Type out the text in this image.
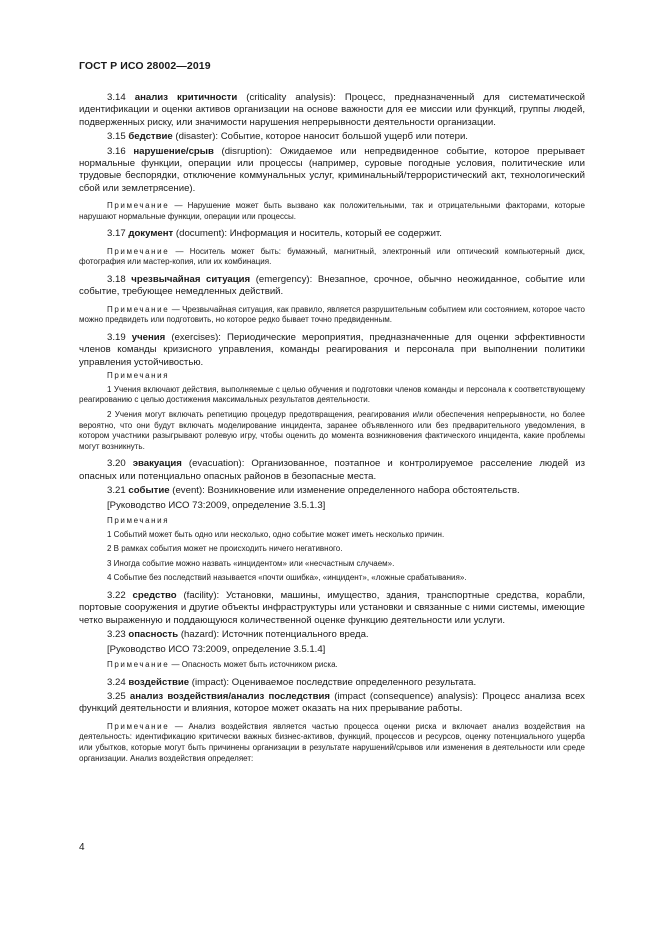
ГОСТ Р ИСО 28002—2019

3.14 анализ критичности (criticality analysis): Процесс, предназначенный для систематической идентификации и оценки активов организации на основе важности для ее миссии или функций, группы людей, подверженных риску, или значимости нарушения непрерывности деятельности организации.

3.15 бедствие (disaster): Событие, которое наносит большой ущерб или потери.

3.16 нарушение/срыв (disruption): Ожидаемое или непредвиденное событие, которое прерывает нормальные функции, операции или процессы (например, суровые погодные условия, политические или трудовые беспорядки, отключение коммунальных услуг, криминальный/террористический акт, технологический сбой или землетрясение).

Примечание — Нарушение может быть вызвано как положительными, так и отрицательными факторами, которые нарушают нормальные функции, операции или процессы.

3.17 документ (document): Информация и носитель, который ее содержит.

Примечание — Носитель может быть: бумажный, магнитный, электронный или оптический компьютерный диск, фотография или мастер-копия, или их комбинация.

3.18 чрезвычайная ситуация (emergency): Внезапное, срочное, обычно неожиданное, событие или событие, требующее немедленных действий.

Примечание — Чрезвычайная ситуация, как правило, является разрушительным событием или состоянием, которое часто можно предвидеть или подготовить, но которое редко бывает точно предвиденным.

3.19 учения (exercises): Периодические мероприятия, предназначенные для оценки эффективности членов команды кризисного управления, команды реагирования и персонала при выполнении политики управления устойчивостью.

Примечания

1 Учения включают действия, выполняемые с целью обучения и подготовки членов команды и персонала к соответствующему реагированию с целью достижения максимальных результатов деятельности.

2 Учения могут включать репетицию процедур предотвращения, реагирования и/или обеспечения непрерывности, но более вероятно, что они будут включать моделирование инцидента, заранее объявленного или без предварительного уведомления, в котором участники разыгрывают ролевую игру, чтобы оценить до момента возникновения фактического инцидента, какие проблемы могут возникнуть.

3.20 эвакуация (evacuation): Организованное, поэтапное и контролируемое расселение людей из опасных или потенциально опасных районов в безопасные места.

3.21 событие (event): Возникновение или изменение определенного набора обстоятельств.

[Руководство ИСО 73:2009, определение 3.5.1.3]

Примечания

1 Событий может быть одно или несколько, одно событие может иметь несколько причин.

2 В рамках события может не происходить ничего негативного.

3 Иногда событие можно назвать «инцидентом» или «несчастным случаем».

4 Событие без последствий называется «почти ошибка», «инцидент», «ложные срабатывания».

3.22 средство (facility): Установки, машины, имущество, здания, транспортные средства, корабли, портовые сооружения и другие объекты инфраструктуры или установки и связанные с ними системы, имеющие четко выраженную и поддающуюся количественной оценке функцию деятельности или услуги.

3.23 опасность (hazard): Источник потенциального вреда.

[Руководство ИСО 73:2009, определение 3.5.1.4]

Примечание — Опасность может быть источником риска.

3.24 воздействие (impact): Оцениваемое последствие определенного результата.

3.25 анализ воздействия/анализ последствия (impact (consequence) analysis): Процесс анализа всех функций деятельности и влияния, которое может оказать на них прерывание работы.

Примечание — Анализ воздействия является частью процесса оценки риска и включает анализ воздействия на деятельность: идентификацию критически важных бизнес-активов, функций, процессов и ресурсов, оценку потенциального ущерба или убытков, которые могут быть причинены организации в результате нарушений/срывов или изменения в деятельности или среде организации. Анализ воздействия определяет:

4
